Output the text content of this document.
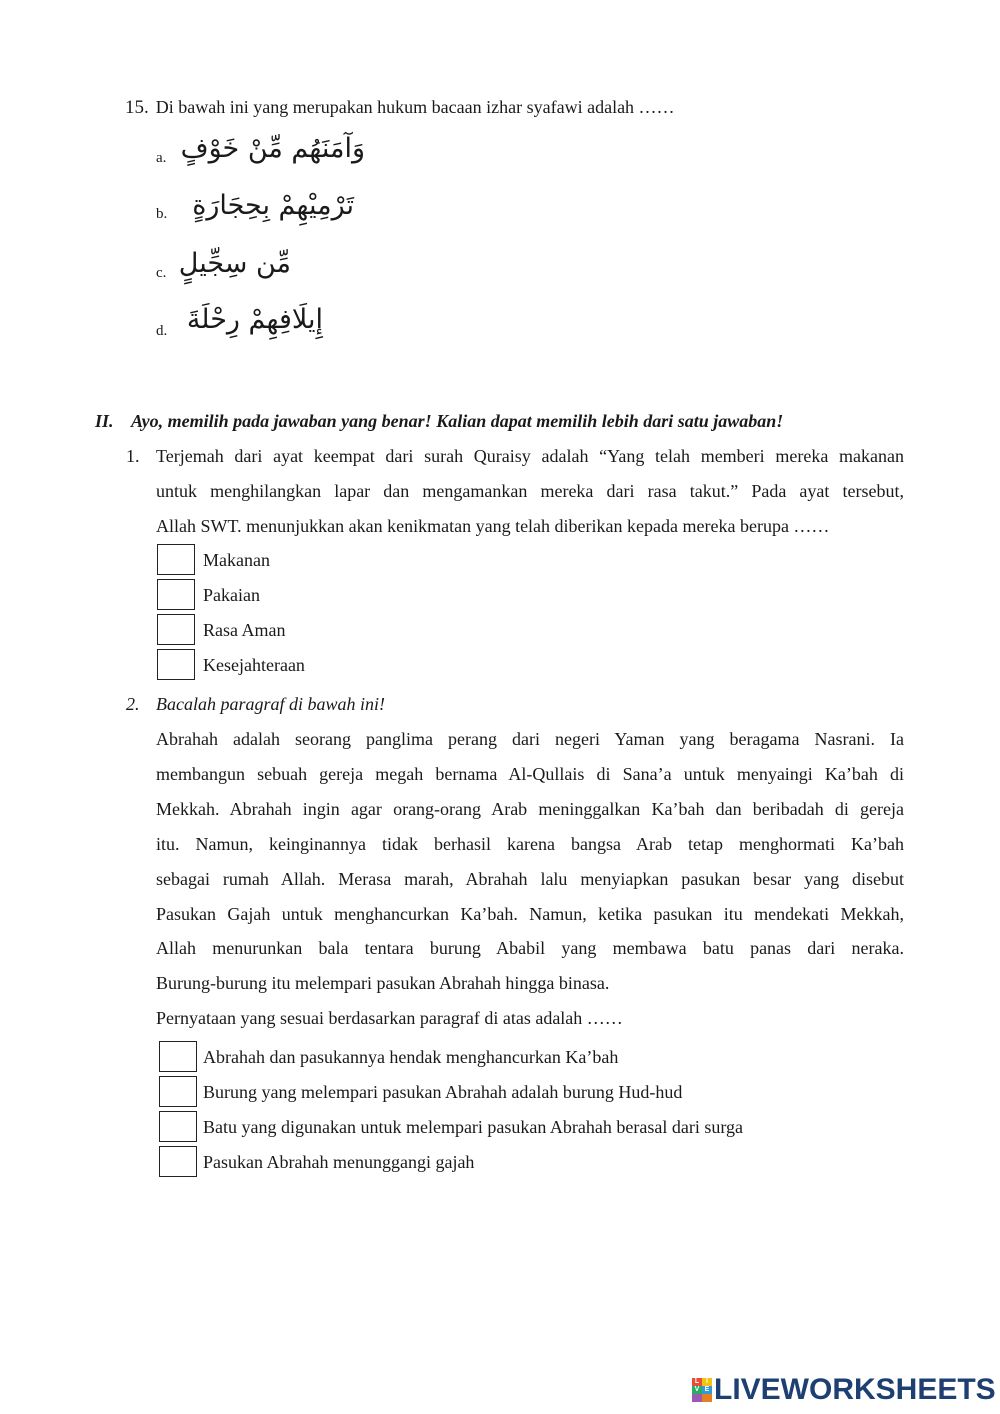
15. Di bawah ini yang merupakan hukum bacaan izhar syafawi adalah ……
a. وَآمَنَهُم مِّنْ خَوْفٍ
b. تَرْمِيْهِمْ بِحِجَارَةٍ
c. مِّن سِجِّيلٍ
d. إِيلَافِهِمْ رِحْلَةَ
II. Ayo, memilih pada jawaban yang benar! Kalian dapat memilih lebih dari satu jawaban!
1. Terjemah dari ayat keempat dari surah Quraisy adalah “Yang telah memberi mereka makanan
untuk menghilangkan lapar dan mengamankan mereka dari rasa takut.” Pada ayat tersebut,
Allah SWT. menunjukkan akan kenikmatan yang telah diberikan kepada mereka berupa ……
Makanan
Pakaian
Rasa Aman
Kesejahteraan
2. Bacalah paragraf di bawah ini!
Abrahah adalah seorang panglima perang dari negeri Yaman yang beragama Nasrani. Ia
membangun sebuah gereja megah bernama Al-Qullais di Sana’a untuk menyaingi Ka’bah di
Mekkah. Abrahah ingin agar orang-orang Arab meninggalkan Ka’bah dan beribadah di gereja
itu. Namun, keinginannya tidak berhasil karena bangsa Arab tetap menghormati Ka’bah
sebagai rumah Allah. Merasa marah, Abrahah lalu menyiapkan pasukan besar yang disebut
Pasukan Gajah untuk menghancurkan Ka’bah. Namun, ketika pasukan itu mendekati Mekkah,
Allah menurunkan bala tentara burung Ababil yang membawa batu panas dari neraka.
Burung-burung itu melempari pasukan Abrahah hingga binasa.
Pernyataan yang sesuai berdasarkan paragraf di atas adalah ……
Abrahah dan pasukannya hendak menghancurkan Ka’bah
Burung yang melempari pasukan Abrahah adalah burung Hud-hud
Batu yang digunakan untuk melempari pasukan Abrahah berasal dari surga
Pasukan Abrahah menunggangi gajah
L I
V E LIVEWORKSHEETS
